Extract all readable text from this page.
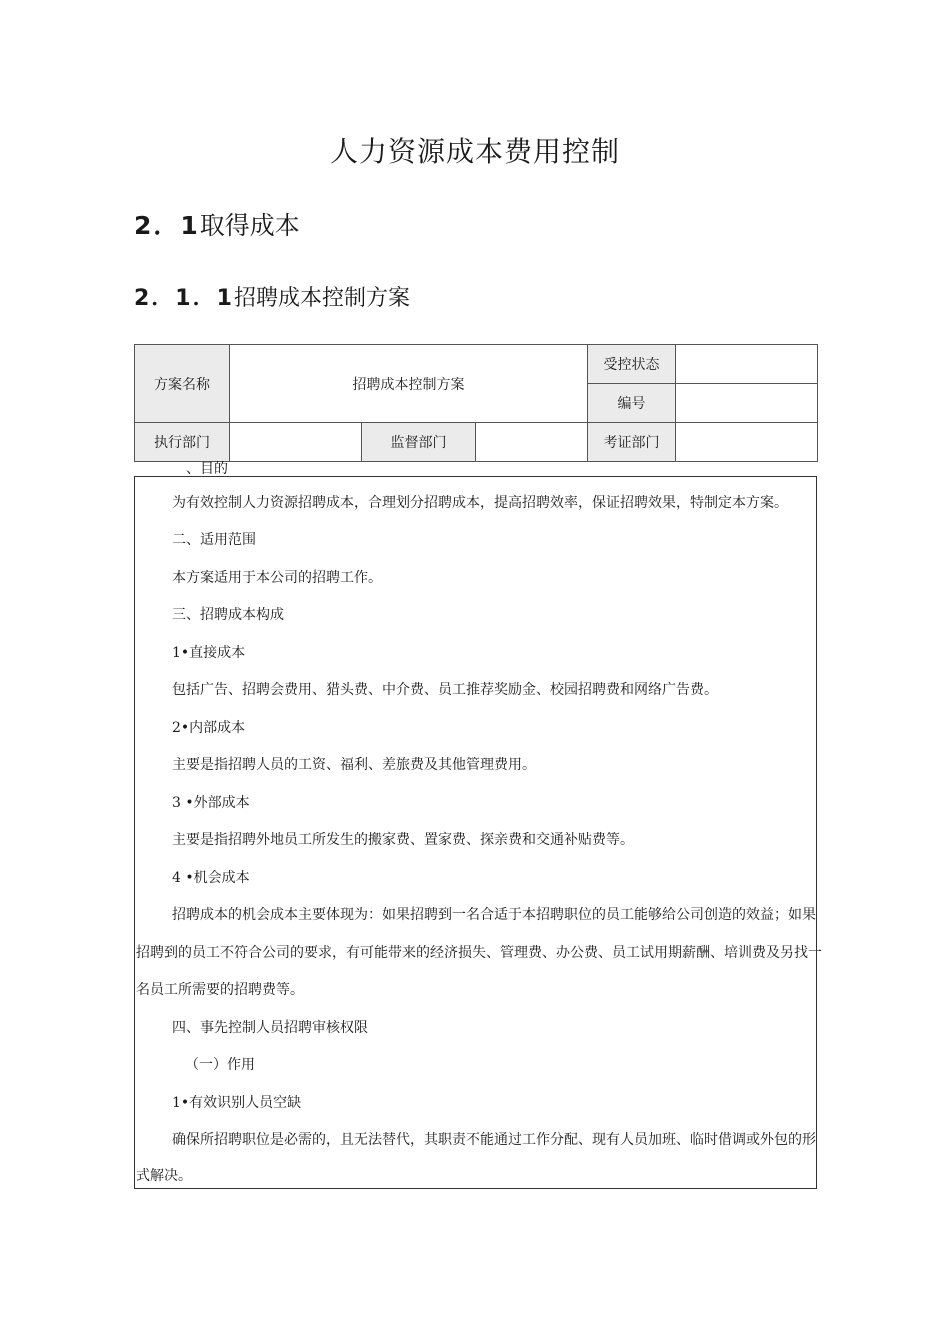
人力资源成本费用控制
2．1取得成本
2．1．1招聘成本控制方案
方案名称	招聘成本控制方案			受控状态	
				编号	
执行部门		监督部门		考证部门	
、目的
为有效控制人力资源招聘成本，合理划分招聘成本，提高招聘效率，保证招聘效果，特制定本方案。
二、适用范围
本方案适用于本公司的招聘工作。
三、招聘成本构成
1•直接成本
包括广告、招聘会费用、猎头费、中介费、员工推荐奖励金、校园招聘费和网络广告费。
2•内部成本
主要是指招聘人员的工资、福利、差旅费及其他管理费用。
3 •外部成本
主要是指招聘外地员工所发生的搬家费、置家费、探亲费和交通补贴费等。
4 •机会成本
招聘成本的机会成本主要体现为：如果招聘到一名合适于本招聘职位的员工能够给公司创造的效益；如果
招聘到的员工不符合公司的要求，有可能带来的经济损失、管理费、办公费、员工试用期薪酬、培训费及另找一
名员工所需要的招聘费等。
四、事先控制人员招聘审核权限
（一）作用
1•有效识别人员空缺
确保所招聘职位是必需的，且无法替代，其职责不能通过工作分配、现有人员加班、临时借调或外包的形
式解决。
